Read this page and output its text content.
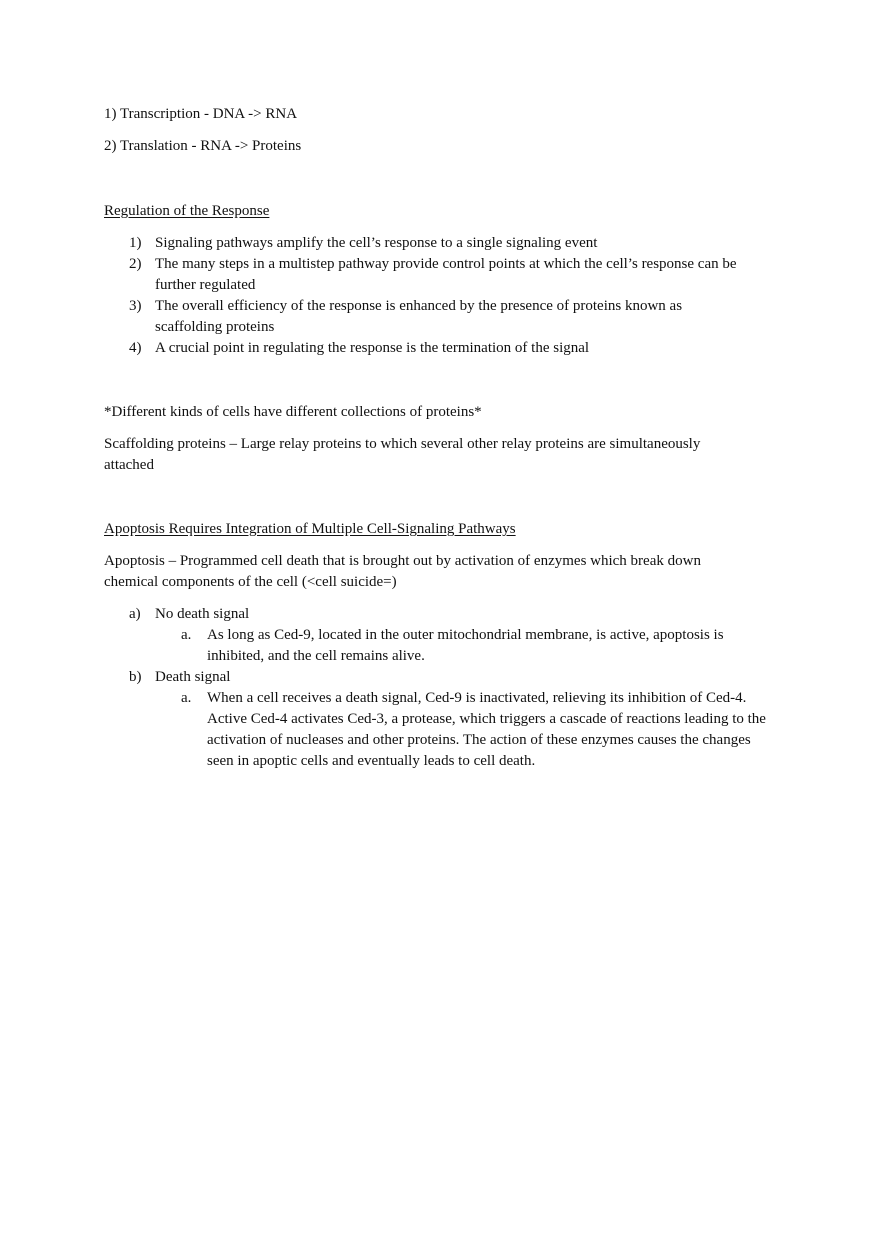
1) Transcription - DNA -> RNA

2) Translation - RNA -> Proteins

Regulation of the Response

1) Signaling pathways amplify the cell’s response to a single signaling event
2) The many steps in a multistep pathway provide control points at which the cell’s response can be further regulated
3) The overall efficiency of the response is enhanced by the presence of proteins known as scaffolding proteins
4) A crucial point in regulating the response is the termination of the signal

*Different kinds of cells have different collections of proteins*

Scaffolding proteins – Large relay proteins to which several other relay proteins are simultaneously attached

Apoptosis Requires Integration of Multiple Cell-Signaling Pathways

Apoptosis – Programmed cell death that is brought out by activation of enzymes which break down chemical components of the cell (<cell suicide=)

a) No death signal
a. As long as Ced-9, located in the outer mitochondrial membrane, is active, apoptosis is inhibited, and the cell remains alive.
b) Death signal
a. When a cell receives a death signal, Ced-9 is inactivated, relieving its inhibition of Ced-4. Active Ced-4 activates Ced-3, a protease, which triggers a cascade of reactions leading to the activation of nucleases and other proteins. The action of these enzymes causes the changes seen in apoptic cells and eventually leads to cell death.
